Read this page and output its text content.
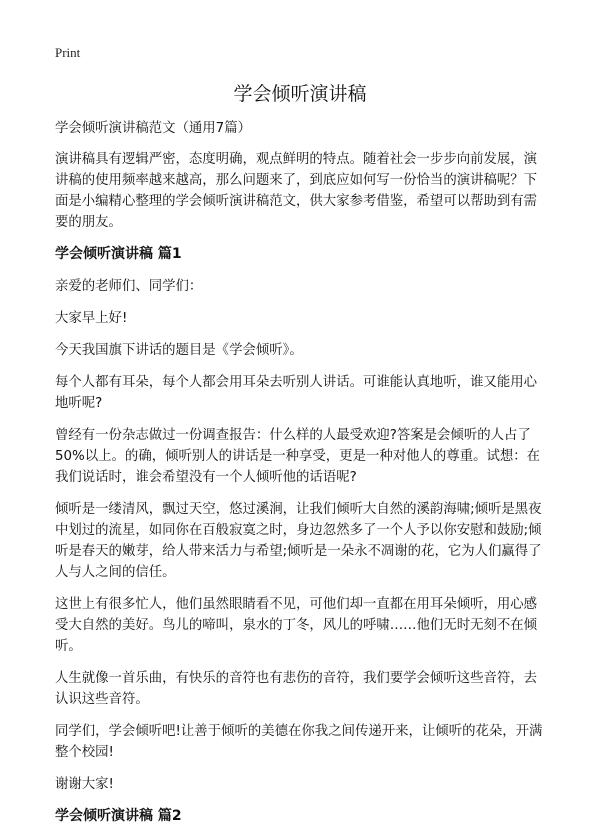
Print
学会倾听演讲稿

学会倾听演讲稿范文（通用7篇）

演讲稿具有逻辑严密，态度明确，观点鲜明的特点。随着社会一步步向前发展，演讲稿的使用频率越来越高，那么问题来了，到底应如何写一份恰当的演讲稿呢？下面是小编精心整理的学会倾听演讲稿范文，供大家参考借鉴，希望可以帮助到有需要的朋友。

学会倾听演讲稿 篇1

亲爱的老师们、同学们：

大家早上好!

今天我国旗下讲话的题目是《学会倾听》。

每个人都有耳朵，每个人都会用耳朵去听别人讲话。可谁能认真地听，谁又能用心地听呢?

曾经有一份杂志做过一份调查报告：什么样的人最受欢迎?答案是会倾听的人占了50%以上。的确，倾听别人的讲话是一种享受，更是一种对他人的尊重。试想：在我们说话时，谁会希望没有一个人倾听他的话语呢?

倾听是一缕清风，飘过天空，悠过溪涧，让我们倾听大自然的溪韵海啸;倾听是黑夜中划过的流星，如同你在百般寂寞之时，身边忽然多了一个人予以你安慰和鼓励;倾听是春天的嫩芽，给人带来活力与希望;倾听是一朵永不凋谢的花，它为人们赢得了人与人之间的信任。

这世上有很多忙人，他们虽然眼睛看不见，可他们却一直都在用耳朵倾听，用心感受大自然的美好。鸟儿的啼叫，泉水的丁冬，风儿的呼啸……他们无时无刻不在倾听。

人生就像一首乐曲，有快乐的音符也有悲伤的音符，我们要学会倾听这些音符，去认识这些音符。

同学们，学会倾听吧!让善于倾听的美德在你我之间传递开来，让倾听的花朵，开满整个校园!

谢谢大家!

学会倾听演讲稿 篇2
